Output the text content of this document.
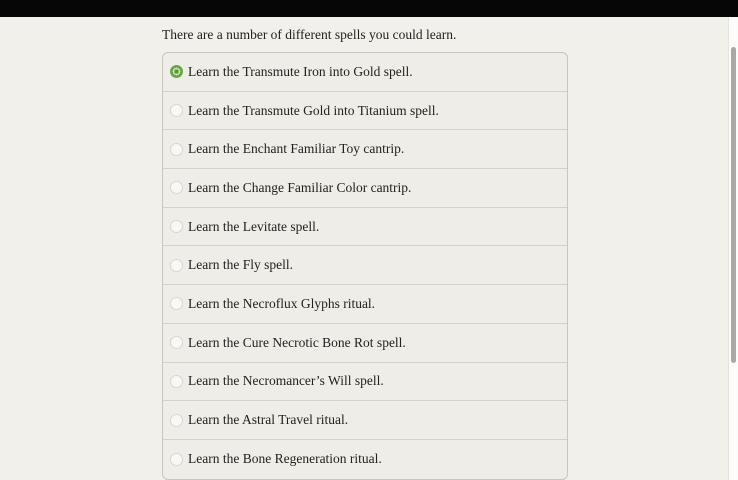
There are a number of different spells you could learn.
Learn the Transmute Iron into Gold spell.
Learn the Transmute Gold into Titanium spell.
Learn the Enchant Familiar Toy cantrip.
Learn the Change Familiar Color cantrip.
Learn the Levitate spell.
Learn the Fly spell.
Learn the Necroflux Glyphs ritual.
Learn the Cure Necrotic Bone Rot spell.
Learn the Necromancer’s Will spell.
Learn the Astral Travel ritual.
Learn the Bone Regeneration ritual.
